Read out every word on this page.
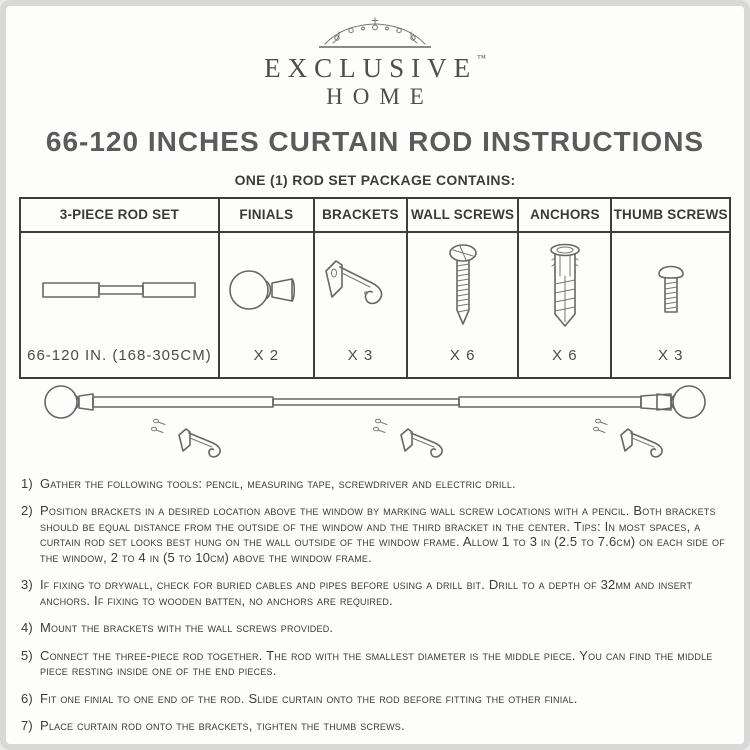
EXCLUSIVE™
HOME
66-120 INCHES CURTAIN ROD INSTRUCTIONS
ONE (1) ROD SET PACKAGE CONTAINS:
3-PIECE ROD SET	FINIALS	BRACKETS	WALL SCREWS	ANCHORS	THUMB SCREWS

66-120 IN. (168-305CM)	X 2	X 3	X 6	X 6	X 3
1) Gather the following tools: pencil, measuring tape, screwdriver and electric drill.
2) Position brackets in a desired location above the window by marking wall screw locations with a pencil. Both brackets should be equal distance from the outside of the window and the third bracket in the center. Tips: In most spaces, a curtain rod set looks best hung on the wall outside of the window frame. Allow 1 to 3 in (2.5 to 7.6cm) on each side of the window, 2 to 4 in (5 to 10cm) above the window frame.
3) If fixing to drywall, check for buried cables and pipes before using a drill bit. Drill to a depth of 32mm and insert anchors. If fixing to wooden batten, no anchors are required.
4) Mount the brackets with the wall screws provided.
5) Connect the three-piece rod together. The rod with the smallest diameter is the middle piece. You can find the middle piece resting inside one of the end pieces.
6) Fit one finial to one end of the rod. Slide curtain onto the rod before fitting the other finial.
7) Place curtain rod onto the brackets, tighten the thumb screws.
